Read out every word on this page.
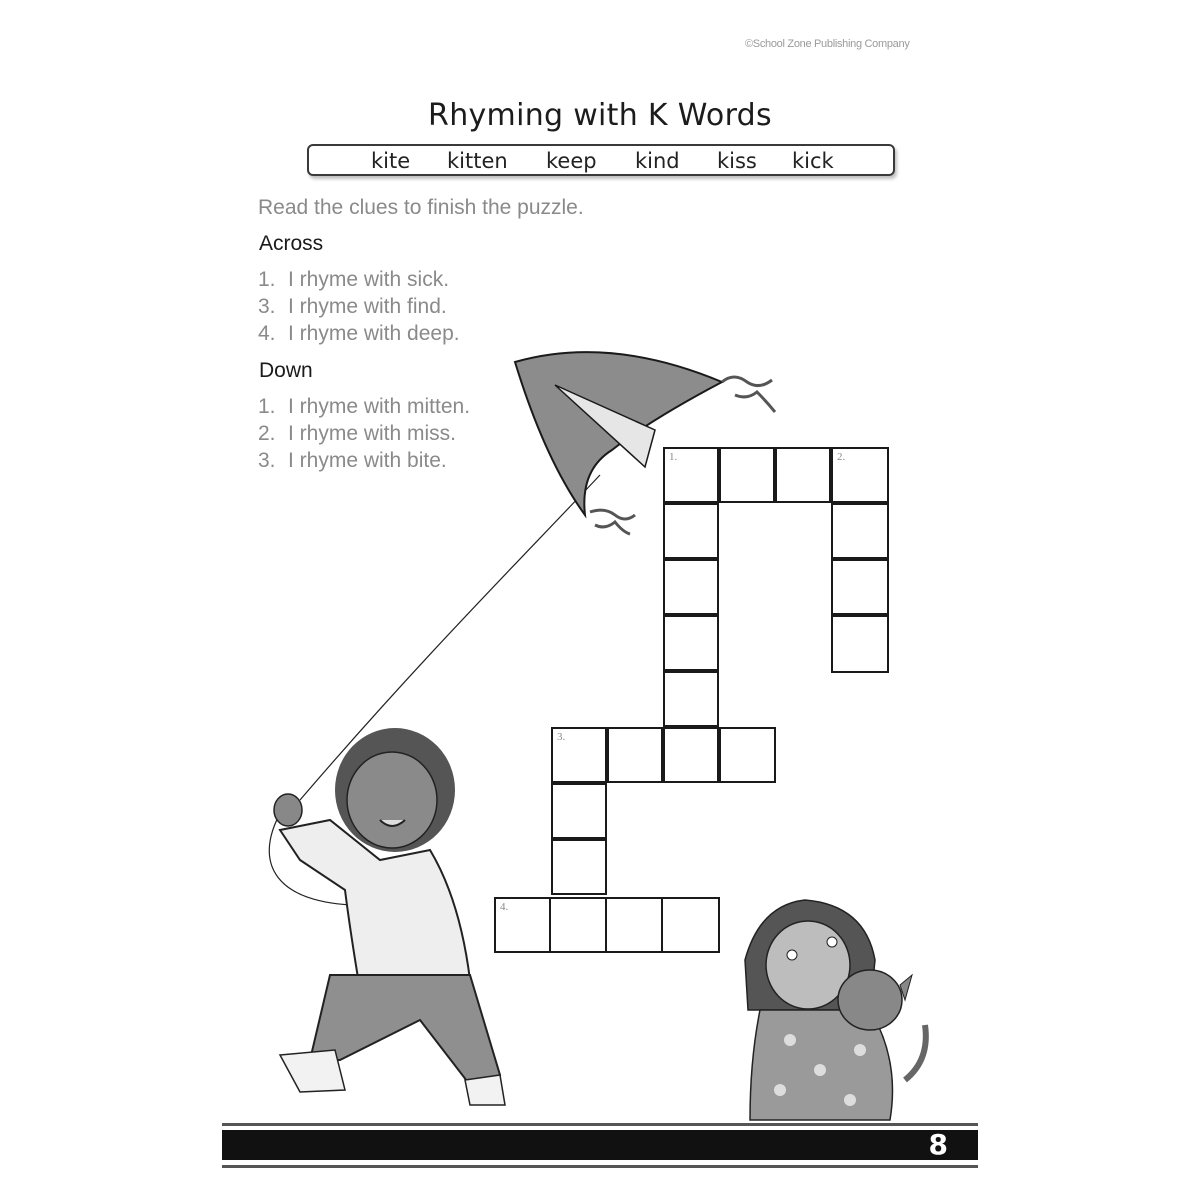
©School Zone Publishing Company
Rhyming with K Words
kite kitten keep kind kiss kick
Read the clues to finish the puzzle.
Across
1. I rhyme with sick.
3. I rhyme with find.
4. I rhyme with deep.
Down
1. I rhyme with mitten.
2. I rhyme with miss.
3. I rhyme with bite.	1.	2.
3.
4.
8
